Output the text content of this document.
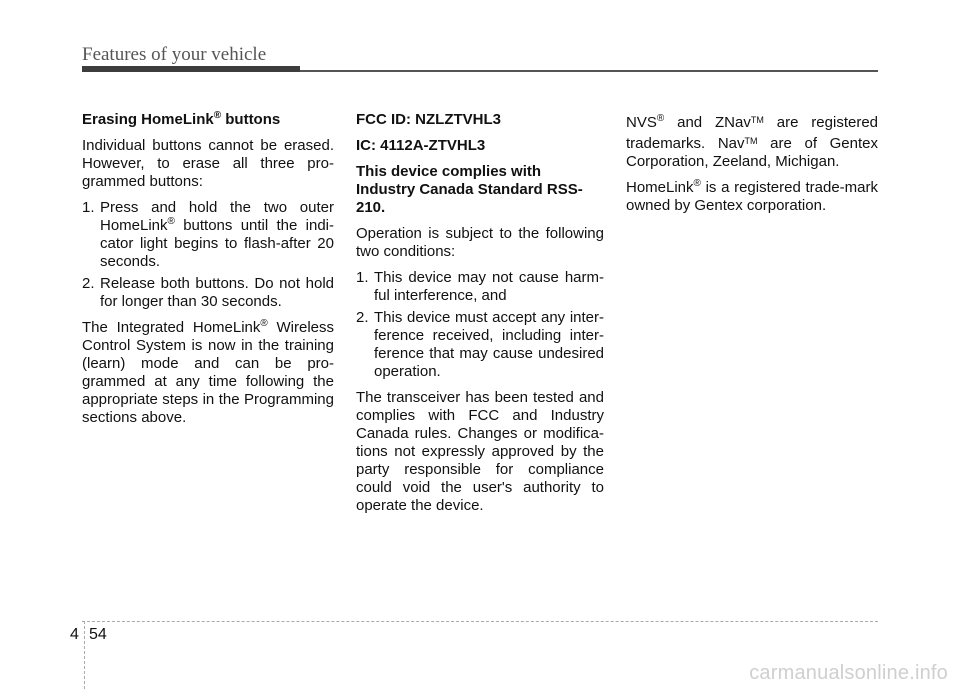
Features of your vehicle

Erasing HomeLink® buttons

Individual buttons cannot be erased. However, to erase all three pro-grammed buttons:

1. Press and hold the two outer HomeLink® buttons until the indi-cator light begins to flash-after 20 seconds.
2. Release both buttons. Do not hold for longer than 30 seconds.

The Integrated HomeLink® Wireless Control System is now in the training (learn) mode and can be pro-grammed at any time following the appropriate steps in the Programming sections above.

FCC ID: NZLZTVHL3

IC: 4112A-ZTVHL3

This device complies with Industry Canada Standard RSS-210.

Operation is subject to the following two conditions:

1. This device may not cause harm-ful interference, and
2. This device must accept any inter-ference received, including inter-ference that may cause undesired operation.

The transceiver has been tested and complies with FCC and Industry Canada rules. Changes or modifica-tions not expressly approved by the party responsible for compliance could void the user's authority to operate the device.

NVS® and ZNav™ are registered trademarks. Nav™ are of Gentex Corporation, Zeeland, Michigan.

HomeLink® is a registered trade-mark owned by Gentex corporation.

4 54
carmanualsonline.info
